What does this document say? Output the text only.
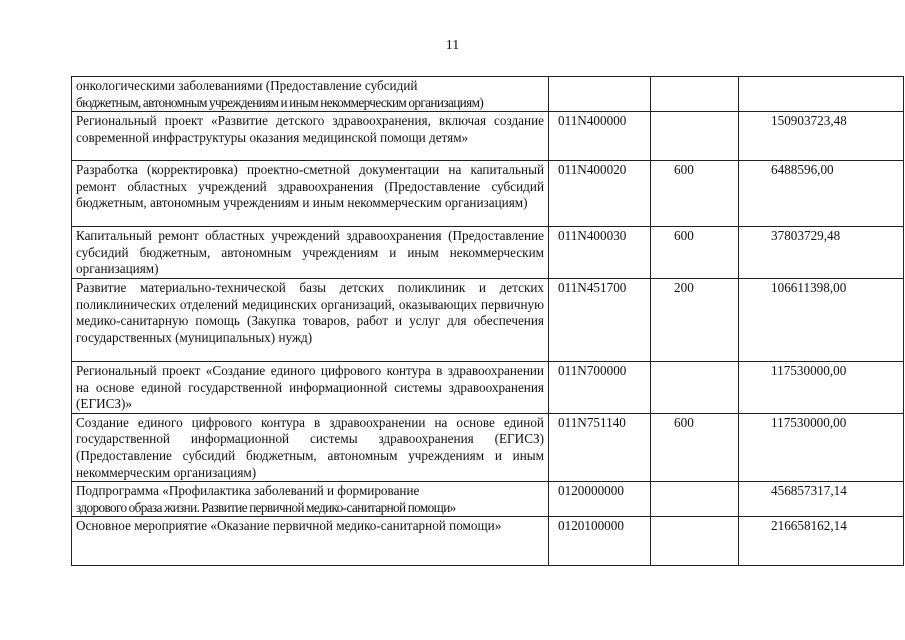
11
онкологическими заболеваниями (Предоставление субсидий
бюджетным, автономным учреждениям и иным некоммерческим организациям)			
Региональный проект «Развитие детского здравоохранения, включая создание современной инфраструктуры оказания медицинской помощи детям»	011N400000		150903723,48
Разработка (корректировка) проектно-сметной документации на капитальный ремонт областных учреждений здравоохранения (Предоставление субсидий бюджетным, автономным учреждениям и иным некоммерческим организациям)	011N400020	600	6488596,00
Капитальный ремонт областных учреждений здравоохранения (Предоставление субсидий бюджетным, автономным учреждениям и иным некоммерческим организациям)	011N400030	600	37803729,48
Развитие материально-технической базы детских поликлиник и детских поликлинических отделений медицинских организаций, оказывающих первичную медико-санитарную помощь (Закупка товаров, работ и услуг для обеспечения государственных (муниципальных) нужд)	011N451700	200	106611398,00
Региональный проект «Создание единого цифрового контура в здравоохранении на основе единой государственной информационной системы здравоохранения (ЕГИСЗ)»	011N700000		117530000,00
Создание единого цифрового контура в здравоохранении на основе единой государственной информационной системы здравоохранения (ЕГИСЗ) (Предоставление субсидий бюджетным, автономным учреждениям и иным некоммерческим организациям)	011N751140	600	117530000,00
Подпрограмма «Профилактика заболеваний и формирование
здорового образа жизни. Развитие первичной медико-санитарной помощи»	0120000000		456857317,14
Основное мероприятие «Оказание первичной медико-санитарной помощи»	0120100000		216658162,14
